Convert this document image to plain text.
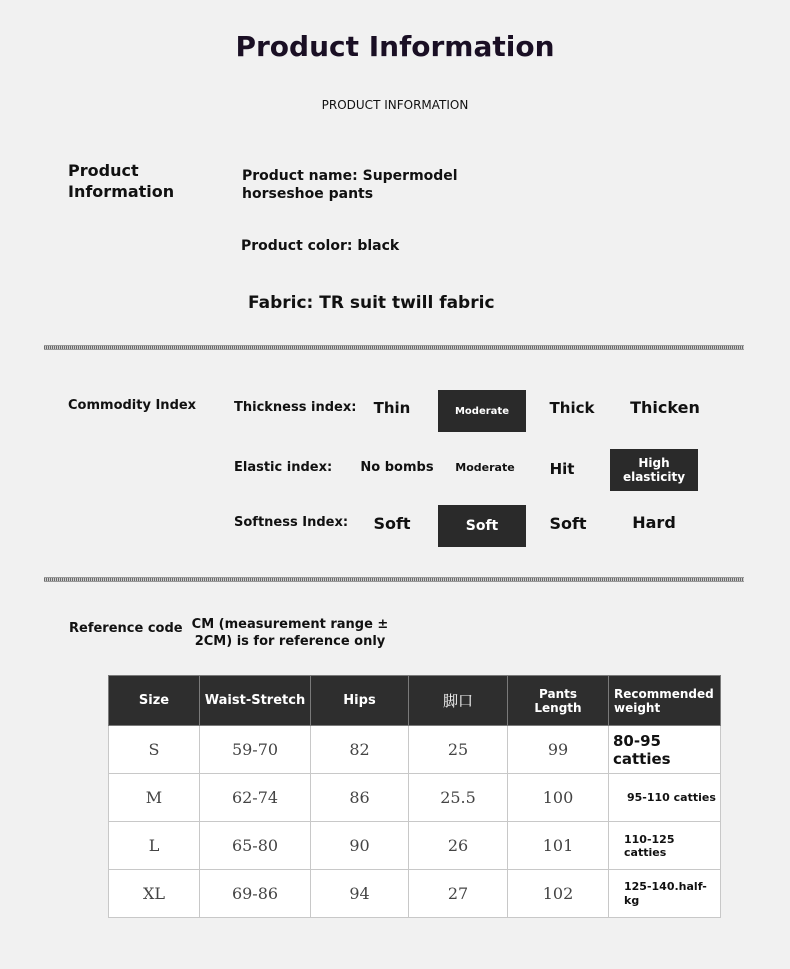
Product Information
PRODUCT INFORMATION
Product Information
Product name: Supermodel horseshoe pants
Product color: black
Fabric: TR suit twill fabric
Commodity Index	Thickness index:	Thin	Moderate	Thick	Thicken
Elastic index:	No bombs	Moderate	Hit	High elasticity
Softness Index:	Soft	Soft	Soft	Hard
Reference code CM (measurement range ± 2CM) is for reference only
Size	Waist-Stretch	Hips	脚口	Pants Length	Recommended weight
S	59-70	82	25	99	80-95 catties
M	62-74	86	25.5	100	95-110 catties
L	65-80	90	26	101	110-125 catties
XL	69-86	94	27	102	125-140.half-kg
